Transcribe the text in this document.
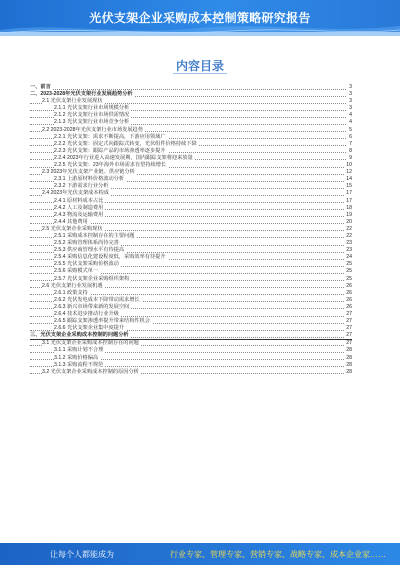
光伏支架企业采购成本控制策略研究报告
内容目录
一、前言	3
二、2023-2028年光伏支架行业发展趋势分析	3
2.1 光伏支架行业发展现状	3
2.1.1 光伏支架行业市场规模分析	3
2.1.2 光伏支架行业市场供需情况	4
2.1.3 光伏支架行业市场竞争分析	4
2.2 2023-2028年光伏支架行业市场发展趋势	5
2.2.1 光伏支架：需求不断提高，下游应用领域广	6
2.2.2 光伏支架：固定式向跟踪式转变，光伏组件价格持续下降	7
2.2.3 光伏支架：跟踪产品的市场渗透率逐步提升	8
2.2.4 2023年行业进入高速发展期，国内跟踪支架将迎来放量	9
2.2.5 光伏支架：23年海外市场需求有望持续增长	10
2.3 2023年光伏支架产业链、供应链分析	12
2.3.1 上游原材料价格波动分析	14
2.3.2 下游需求行业分析	15
2.4 2023年光伏支架成本构成	17
2.4.1 原材料成本占比	17
2.4.2 人工及制造费用	18
2.4.3 物流及运输费用	19
2.4.4 其他费用	20
2.5 光伏支架企业采购现状	22
2.5.1 采购成本控制存在的主要问题	22
2.5.2 采购管理体系尚待完善	23
2.5.3 供应商管理水平有待提高	23
2.5.4 采购信息化建设程度低，采购效率有待提升	24
2.5.5 光伏支架采购价格波动	25
2.5.6 采购模式单一	25
2.5.7 光伏支架企业采购组织架构	25
2.6 光伏支架行业发展机遇	26
2.6.1 政策支持	26
2.6.2 光伏发电成本下降带动需求增长	26
2.6.3 新兴市场带来新的发展空间	26
2.6.4 技术进步推动行业升级	27
2.6.5 跟踪支架渗透率提升带来结构性机会	27
2.6.6 光伏支架企业集中度提升	27
三、光伏支架企业采购成本控制的问题分析	27
3.1 光伏支架企业采购成本控制存在的问题	27
3.1.1 采购计划不合理	28
3.1.2 采购价格偏高	28
3.1.3 采购流程不规范	28
3.2 光伏支架企业采购成本控制的原因分析	28
让每个人都能成为	行业专家、管理专家、营销专家、战略专家、成本企业家……
